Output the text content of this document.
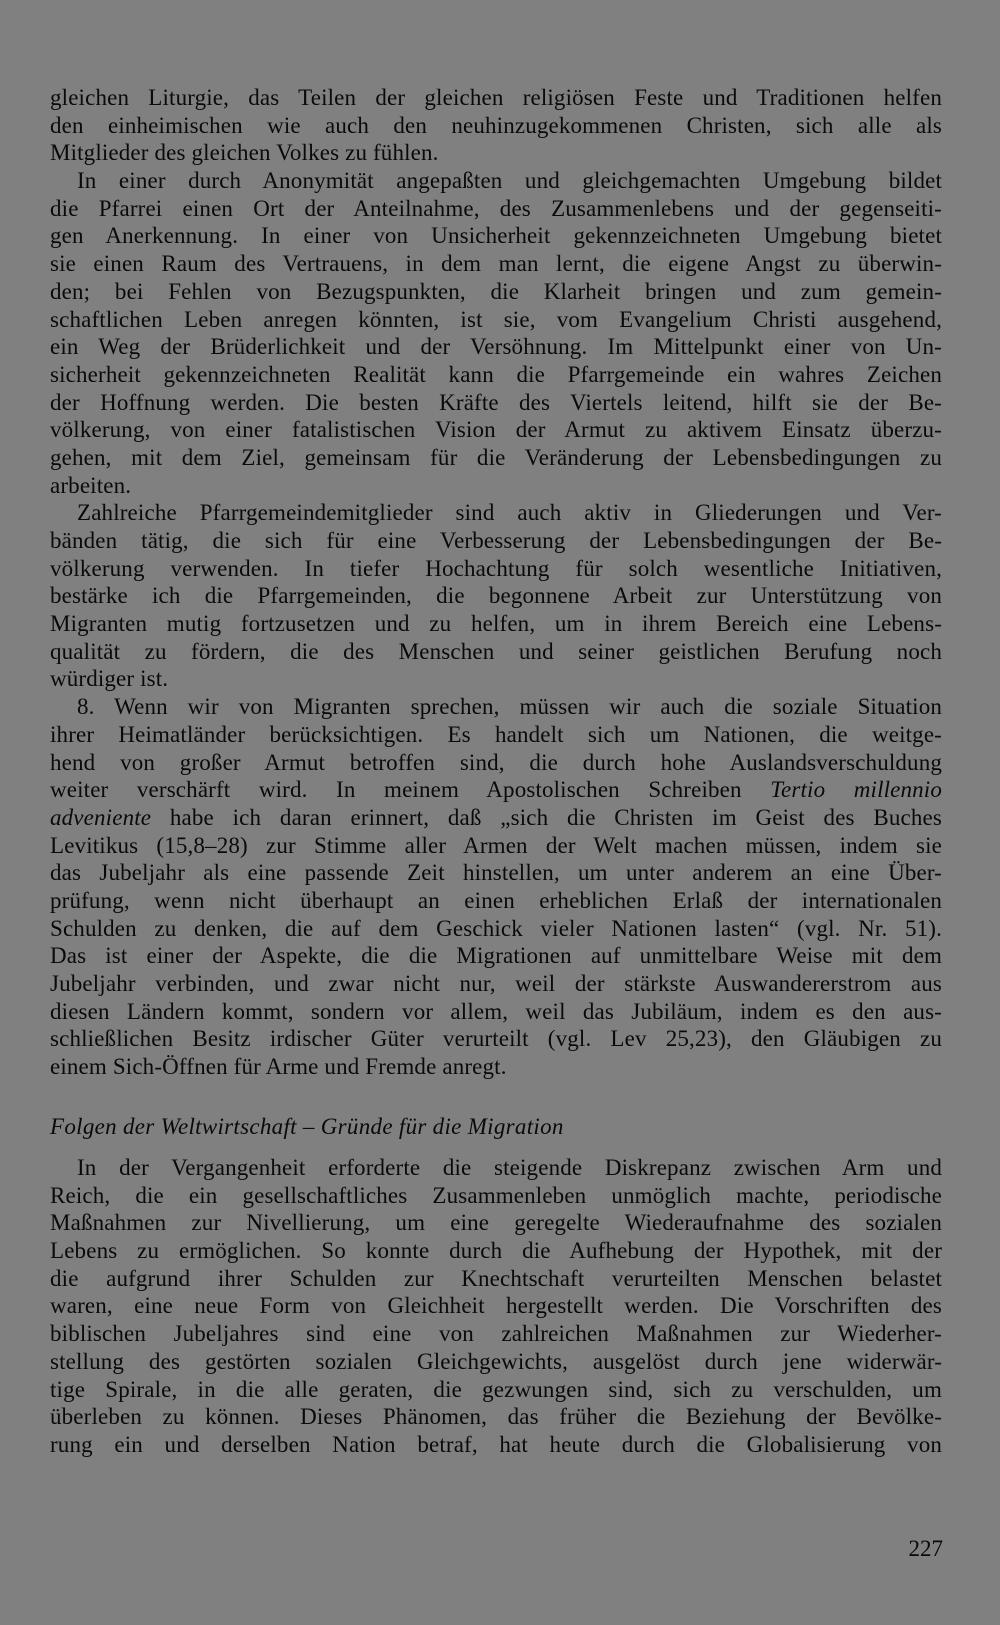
gleichen Liturgie, das Teilen der gleichen religiösen Feste und Traditionen helfen
den einheimischen wie auch den neuhinzugekommenen Christen, sich alle als
Mitglieder des gleichen Volkes zu fühlen.
In einer durch Anonymität angepaßten und gleichgemachten Umgebung bildet
die Pfarrei einen Ort der Anteilnahme, des Zusammenlebens und der gegenseiti-
gen Anerkennung. In einer von Unsicherheit gekennzeichneten Umgebung bietet
sie einen Raum des Vertrauens, in dem man lernt, die eigene Angst zu überwin-
den; bei Fehlen von Bezugspunkten, die Klarheit bringen und zum gemein-
schaftlichen Leben anregen könnten, ist sie, vom Evangelium Christi ausgehend,
ein Weg der Brüderlichkeit und der Versöhnung. Im Mittelpunkt einer von Un-
sicherheit gekennzeichneten Realität kann die Pfarrgemeinde ein wahres Zeichen
der Hoffnung werden. Die besten Kräfte des Viertels leitend, hilft sie der Be-
völkerung, von einer fatalistischen Vision der Armut zu aktivem Einsatz überzu-
gehen, mit dem Ziel, gemeinsam für die Veränderung der Lebensbedingungen zu
arbeiten.
Zahlreiche Pfarrgemeindemitglieder sind auch aktiv in Gliederungen und Ver-
bänden tätig, die sich für eine Verbesserung der Lebensbedingungen der Be-
völkerung verwenden. In tiefer Hochachtung für solch wesentliche Initiativen,
bestärke ich die Pfarrgemeinden, die begonnene Arbeit zur Unterstützung von
Migranten mutig fortzusetzen und zu helfen, um in ihrem Bereich eine Lebens-
qualität zu fördern, die des Menschen und seiner geistlichen Berufung noch
würdiger ist.
8. Wenn wir von Migranten sprechen, müssen wir auch die soziale Situation
ihrer Heimatländer berücksichtigen. Es handelt sich um Nationen, die weitge-
hend von großer Armut betroffen sind, die durch hohe Auslandsverschuldung
weiter verschärft wird. In meinem Apostolischen Schreiben Tertio millennio
adveniente habe ich daran erinnert, daß „sich die Christen im Geist des Buches
Levitikus (15,8–28) zur Stimme aller Armen der Welt machen müssen, indem sie
das Jubeljahr als eine passende Zeit hinstellen, um unter anderem an eine Über-
prüfung, wenn nicht überhaupt an einen erheblichen Erlaß der internationalen
Schulden zu denken, die auf dem Geschick vieler Nationen lasten“ (vgl. Nr. 51).
Das ist einer der Aspekte, die die Migrationen auf unmittelbare Weise mit dem
Jubeljahr verbinden, und zwar nicht nur, weil der stärkste Auswandererstrom aus
diesen Ländern kommt, sondern vor allem, weil das Jubiläum, indem es den aus-
schließlichen Besitz irdischer Güter verurteilt (vgl. Lev 25,23), den Gläubigen zu
einem Sich-Öffnen für Arme und Fremde anregt.
Folgen der Weltwirtschaft – Gründe für die Migration
In der Vergangenheit erforderte die steigende Diskrepanz zwischen Arm und
Reich, die ein gesellschaftliches Zusammenleben unmöglich machte, periodische
Maßnahmen zur Nivellierung, um eine geregelte Wiederaufnahme des sozialen
Lebens zu ermöglichen. So konnte durch die Aufhebung der Hypothek, mit der
die aufgrund ihrer Schulden zur Knechtschaft verurteilten Menschen belastet
waren, eine neue Form von Gleichheit hergestellt werden. Die Vorschriften des
biblischen Jubeljahres sind eine von zahlreichen Maßnahmen zur Wiederher-
stellung des gestörten sozialen Gleichgewichts, ausgelöst durch jene widerwär-
tige Spirale, in die alle geraten, die gezwungen sind, sich zu verschulden, um
überleben zu können. Dieses Phänomen, das früher die Beziehung der Bevölke-
rung ein und derselben Nation betraf, hat heute durch die Globalisierung von
227
